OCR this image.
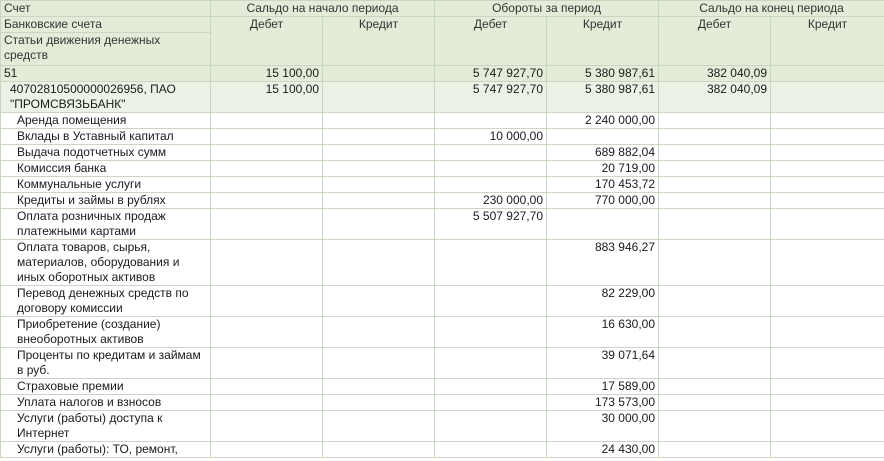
Счет	Сальдо на начало периода		Обороты за период		Сальдо на конец периода	
Банковские счета	Дебет	Кредит	Дебет	Кредит	Дебет	Кредит
Статьи движения денежных средств						
51	15 100,00		5 747 927,70	5 380 987,61	382 040,09	
40702810500000026956, ПАО "ПРОМСВЯЗЬБАНК"	15 100,00		5 747 927,70	5 380 987,61	382 040,09	
Аренда помещения				2 240 000,00		
Вклады в Уставный капитал			10 000,00			
Выдача подотчетных сумм				689 882,04		
Комиссия банка				20 719,00		
Коммунальные услуги				170 453,72		
Кредиты и займы в рублях			230 000,00	770 000,00		
Оплата розничных продаж платежными картами			5 507 927,70			
Оплата товаров, сырья, материалов, оборудования и иных оборотных активов				883 946,27		
Перевод денежных средств по договору комиссии				82 229,00		
Приобретение (создание) внеоборотных активов				16 630,00		
Проценты по кредитам и займам в руб.				39 071,64		
Страховые премии				17 589,00		
Уплата налогов и взносов				173 573,00		
Услуги (работы) доступа к Интернет				30 000,00		
Услуги (работы): ТО, ремонт,				24 430,00		
